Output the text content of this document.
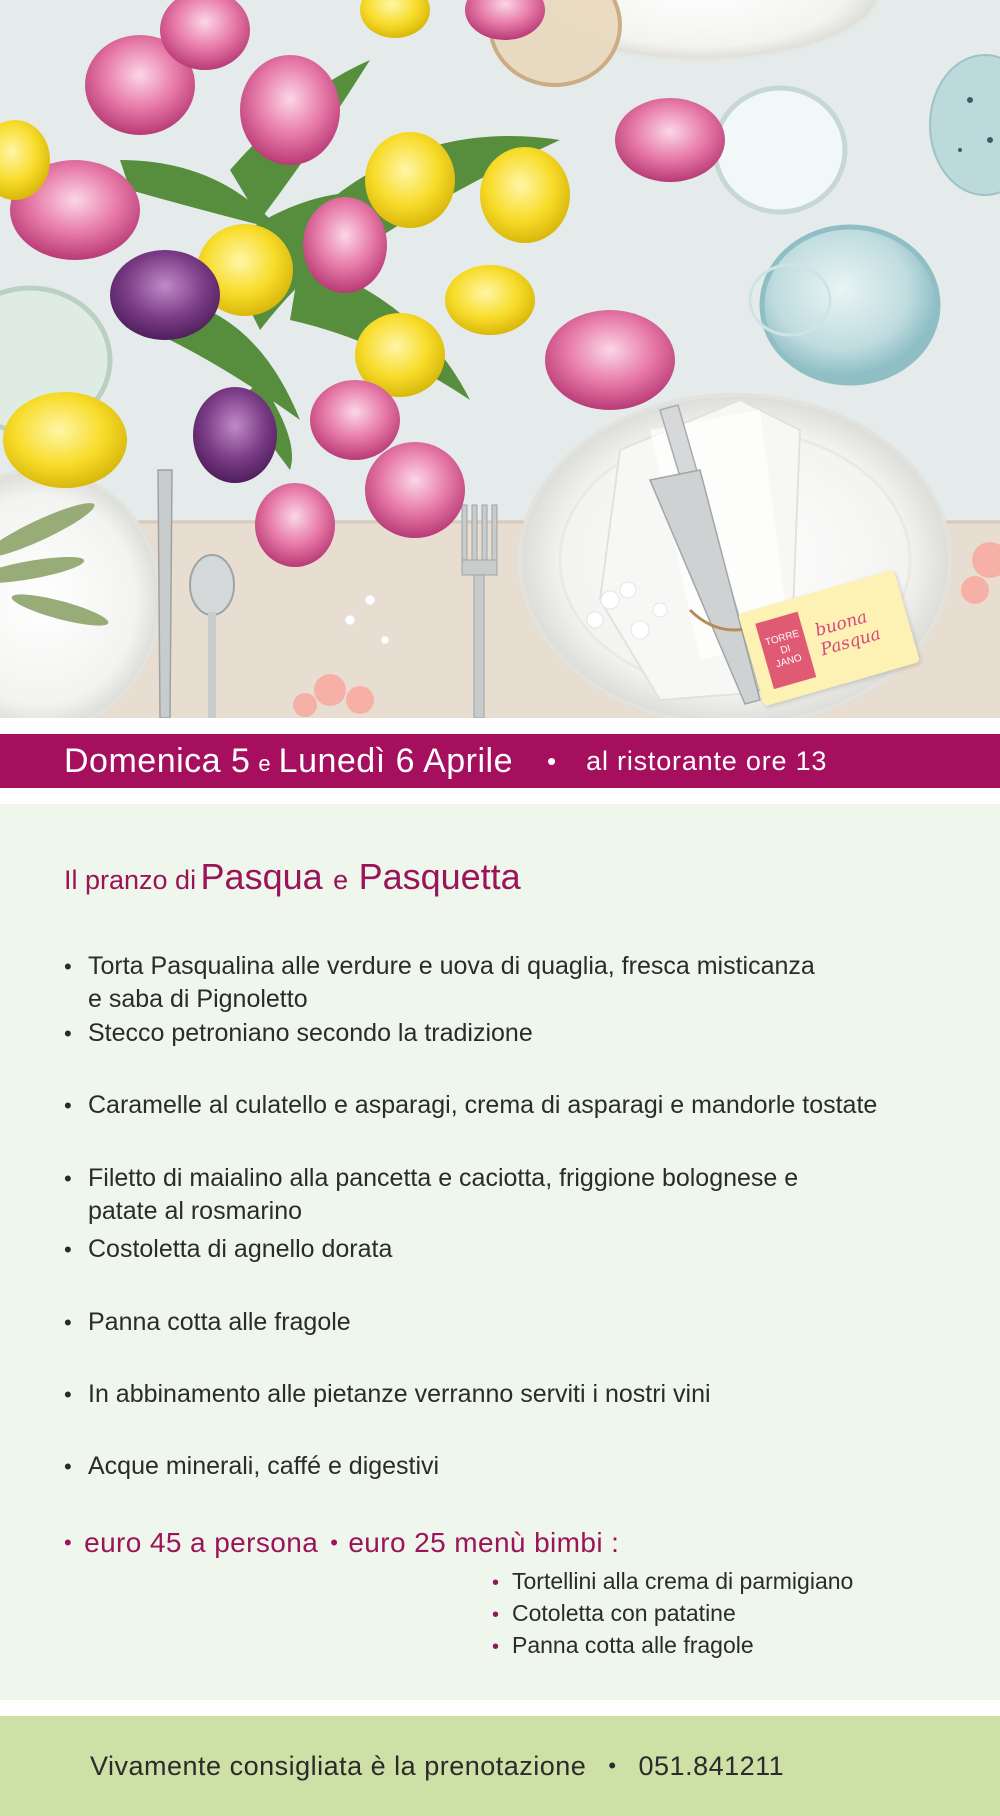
TORRE DI JANO
buona Pasqua
Domenica 5 e Lunedì 6 Aprile • al ristorante ore 13
Il pranzo di Pasqua e Pasquetta
• Torta Pasqualina alle verdure e uova di quaglia, fresca misticanza
e saba di Pignoletto
• Stecco petroniano secondo la tradizione
• Caramelle al culatello e asparagi, crema di asparagi e mandorle tostate
• Filetto di maialino alla pancetta e caciotta, friggione bolognese e
patate al rosmarino
• Costoletta di agnello dorata
• Panna cotta alle fragole
• In abbinamento alle pietanze verranno serviti i nostri vini
• Acque minerali, caffé e digestivi
• euro 45 a persona • euro 25 menù bimbi :
• Tortellini alla crema di parmigiano
• Cotoletta con patatine
• Panna cotta alle fragole
Vivamente consigliata è la prenotazione • 051.841211
